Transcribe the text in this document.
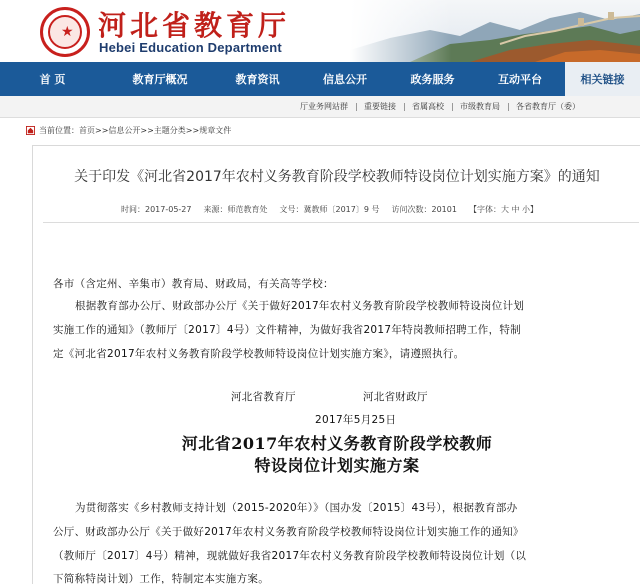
★ 河北省教育厅
Hebei Education Department
首 页	教育厅概况	教育资讯	信息公开	政务服务	互动平台	相关链接
厅业务网站群	重要链接	省属高校	市级教育局	各省教育厅（委）
当前位置：首页>>信息公开>>主题分类>>规章文件
关于印发《河北省2017年农村义务教育阶段学校教师特设岗位计划实施方案》的通知
时间：2017-05-27 来源：师范教育处 文号：冀教师〔2017〕9 号 访问次数：20101 【字体：大 中 小】
各市（含定州、辛集市）教育局、财政局，有关高等学校：
根据教育部办公厅、财政部办公厅《关于做好2017年农村义务教育阶段学校教师特设岗位计划
实施工作的通知》（教师厅〔2017〕4号）文件精神，为做好我省2017年特岗教师招聘工作，特制
定《河北省2017年农村义务教育阶段学校教师特设岗位计划实施方案》，请遵照执行。
河北省教育厅	河北省财政厅
2017年5月25日
河北省2017年农村义务教育阶段学校教师
特设岗位计划实施方案
为贯彻落实《乡村教师支持计划（2015-2020年）》（国办发〔2015〕43号），根据教育部办
公厅、财政部办公厅《关于做好2017年农村义务教育阶段学校教师特设岗位计划实施工作的通知》
（教师厅〔2017〕4号）精神，现就做好我省2017年农村义务教育阶段学校教师特设岗位计划（以
下简称特岗计划）工作，特制定本实施方案。
